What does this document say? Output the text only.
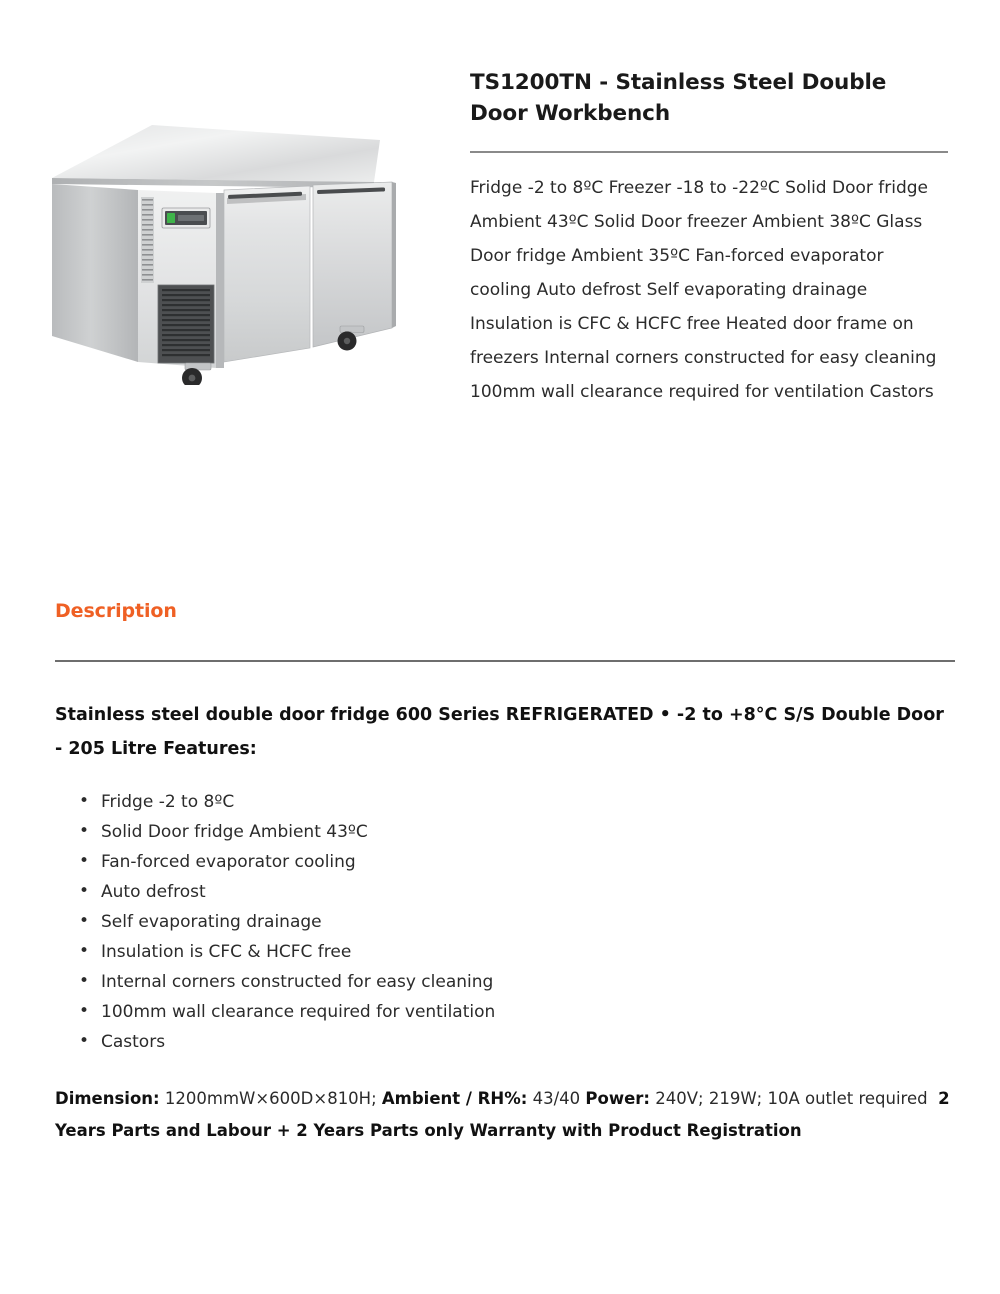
TS1200TN - Stainless Steel Double Door Workbench

Fridge -2 to 8ºC Freezer -18 to -22ºC Solid Door fridge Ambient 43ºC Solid Door freezer Ambient 38ºC Glass Door fridge Ambient 35ºC Fan-forced evaporator cooling Auto defrost Self evaporating drainage Insulation is CFC & HCFC free Heated door frame on freezers Internal corners constructed for easy cleaning 100mm wall clearance required for ventilation Castors

Description

Stainless steel double door fridge 600 Series REFRIGERATED • -2 to +8°C S/S Double Door - 205 Litre Features:

• Fridge -2 to 8ºC
• Solid Door fridge Ambient 43ºC
• Fan-forced evaporator cooling
• Auto defrost
• Self evaporating drainage
• Insulation is CFC & HCFC free
• Internal corners constructed for easy cleaning
• 100mm wall clearance required for ventilation
• Castors

Dimension: 1200mmW×600D×810H; Ambient / RH%: 43/40 Power: 240V; 219W; 10A outlet required 2 Years Parts and Labour + 2 Years Parts only Warranty with Product Registration
